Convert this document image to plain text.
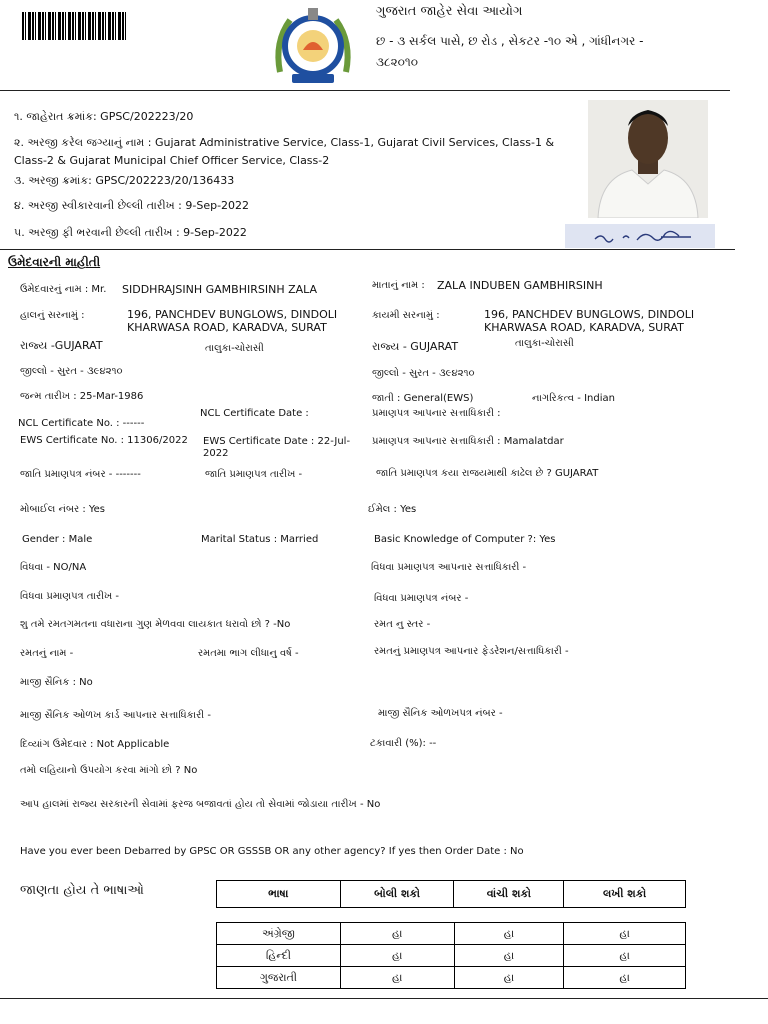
ગુજરાત જાહેર સેવા આયોગ
છ - ૩ સર્કલ પાસે, છ રોડ , સેકટર -૧૦ એ , ગાંધીનગર -
૩૮૨૦૧૦
૧. જાહેરાત ક્રમાંક: GPSC/202223/20
૨. અરજી કરેલ જગ્યાનું નામ : Gujarat Administrative Service, Class-1, Gujarat Civil Services, Class-1 &
Class-2 & Gujarat Municipal Chief Officer Service, Class-2
૩. અરજી ક્રમાંક: GPSC/202223/20/136433
૪. અરજી સ્વીકારવાની છેલ્લી તારીખ : 9-Sep-2022
૫. અરજી ફી ભરવાની છેલ્લી તારીખ : 9-Sep-2022
ઉમેદવારની માહીતી
ઉમેદવારનું નામ : Mr. SIDDHRAJSINH GAMBHIRSINH ZALA	માતાનું નામ : ZALA INDUBEN GAMBHIRSINH
હાલનું સરનામું :	196, PANCHDEV BUNGLOWS, DINDOLI
KHARWASA ROAD, KARADVA, SURAT
કાયમી સરનામું :	196, PANCHDEV BUNGLOWS, DINDOLI
KHARWASA ROAD, KARADVA, SURAT
રાજ્ય -GUJARAT	તાલુકા-ચોરાસી	રાજ્ય - GUJARAT	તાલુકા-ચોરાસી
જીલ્લો - સુરત - ૩૯૪૨૧૦	જીલ્લો - સુરત - ૩૯૪૨૧૦
જન્મ તારીખ : 25-Mar-1986	જાતી : General(EWS)	નાગરિકત્વ - Indian
NCL Certificate No. : ------
NCL Certificate Date :	પ્રમાણપત્ર આપનાર સત્તાધિકારી :
EWS Certificate No. : 11306/2022 EWS Certificate Date : 22-Jul-
2022
પ્રમાણપત્ર આપનાર સત્તાધિકારી : Mamalatdar
જાતિ પ્રમાણપત્ર નંબર - -------	જાતિ પ્રમાણપત્ર તારીખ -	જાતિ પ્રમાણપત્ર કયા રાજયમાથી કાઢેલ છે ? GUJARAT
મોબાઈલ નંબર : Yes	ઈમેલ : Yes
Gender : Male	Marital Status : Married	Basic Knowledge of Computer ?: Yes
વિધવા - NO/NA	વિધવા પ્રમાણપત્ર આપનાર સત્તાધિકારી -
વિધવા પ્રમાણપત્ર તારીખ -	વિધવા પ્રમાણપત્ર નંબર -
શુ તમે રમતગમતના વધારાના ગુણ મેળવવા લાયકાત ધરાવો છો ? -No	રમત નુ સ્તર -
રમતનું નામ -	રમતમા ભાગ લીધાનુ વર્ષ -	રમતનું પ્રમાણપત્ર આપનાર ફેડરેશન/સત્તાધિકારી -
માજી સૈનિક : No
માજી સૈનિક ઓળખ કાર્ડ આપનાર સત્તાધિકારી -	માજી સૈનિક ઓળખપત્ર નંબર -
દિવ્યાંગ ઉમેદવાર : Not Applicable	ટકાવારી (%): --
તમો લહિયાનો ઉપયોગ કરવા માંગો છો ? No
આપ હાલમાં રાજ્ય સરકારની સેવામાં ફરજ બજાવતાં હોય તો સેવામાં જોડાયા તારીખ - No
Have you ever been Debarred by GPSC OR GSSSB OR any other agency? If yes then Order Date : No
જાણતા હોય તે ભાષાઓ	ભાષા	બોલી શકો	વાંચી શકો	લખી શકો
અંગ્રેજી	હા	હા	હા
હિન્દી	હા	હા	હા
ગુજરાતી	હા	હા	હા
